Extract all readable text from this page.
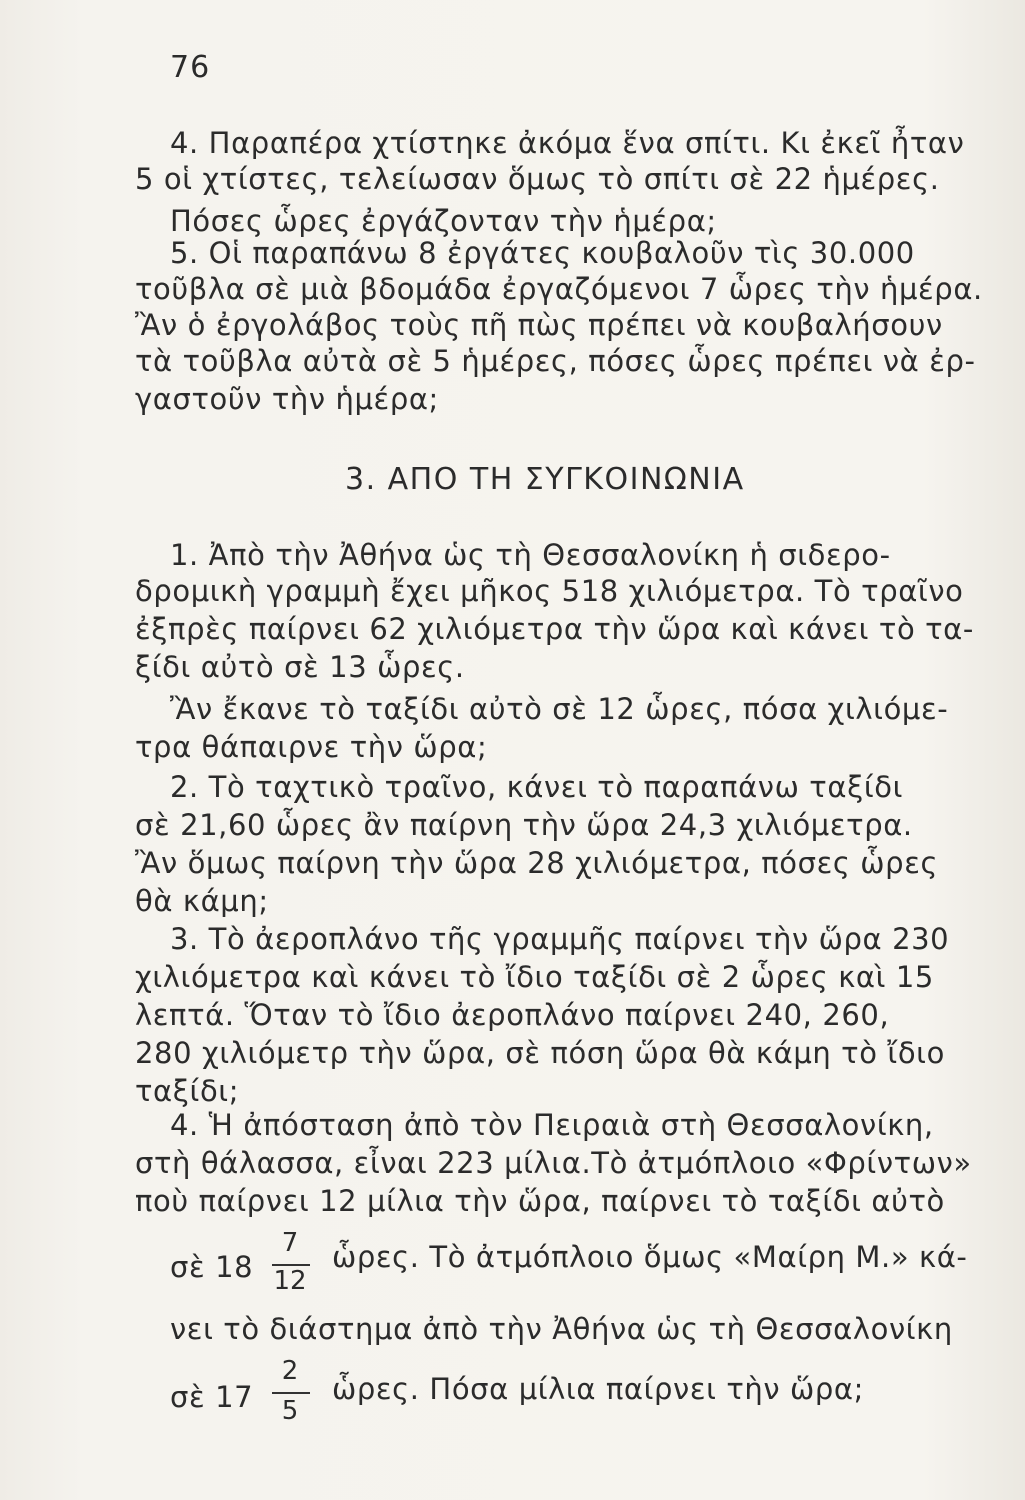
76
4. Παραπέρα χτίστηκε ἀκόμα ἕνα σπίτι. Κι ἐκεῖ ἦταν
5 οἱ χτίστες, τελείωσαν ὅμως τὸ σπίτι σὲ 22 ἡμέρες.
Πόσες ὧρες ἐργάζονταν τὴν ἡμέρα;
5. Οἱ παραπάνω 8 ἐργάτες κουβαλοῦν τὶς 30.000
τοῦβλα σὲ μιὰ βδομάδα ἐργαζόμενοι 7 ὧρες τὴν ἡμέρα.
Ἂν ὁ ἐργολάβος τοὺς πῆ πὼς πρέπει νὰ κουβαλήσουν
τὰ τοῦβλα αὐτὰ σὲ 5 ἡμέρες, πόσες ὧρες πρέπει νὰ ἐρ-
γαστοῦν τὴν ἡμέρα;
3. ΑΠΟ ΤΗ ΣΥΓΚΟΙΝΩΝΙΑ
1. Ἀπὸ τὴν Ἀθήνα ὡς τὴ Θεσσαλονίκη ἡ σιδερο-
δρομικὴ γραμμὴ ἔχει μῆκος 518 χιλιόμετρα. Τὸ τραῖνο
ἐξπρὲς παίρνει 62 χιλιόμετρα τὴν ὥρα καὶ κάνει τὸ τα-
ξίδι αὐτὸ σὲ 13 ὧρες.
Ἂν ἔκανε τὸ ταξίδι αὐτὸ σὲ 12 ὧρες, πόσα χιλιόμε-
τρα θάπαιρνε τὴν ὥρα;
2. Τὸ ταχτικὸ τραῖνο, κάνει τὸ παραπάνω ταξίδι
σὲ 21,60 ὧρες ἂν παίρνη τὴν ὥρα 24,3 χιλιόμετρα.
Ἂν ὅμως παίρνη τὴν ὥρα 28 χιλιόμετρα, πόσες ὧρες
θὰ κάμη;
3. Τὸ ἀεροπλάνο τῆς γραμμῆς παίρνει τὴν ὥρα 230
χιλιόμετρα καὶ κάνει τὸ ἴδιο ταξίδι σὲ 2 ὧρες καὶ 15
λεπτά. Ὅταν τὸ ἴδιο ἀεροπλάνο παίρνει 240, 260,
280 χιλιόμετρ τὴν ὥρα, σὲ πόση ὥρα θὰ κάμη τὸ ἴδιο
ταξίδι;
4. Ἡ ἀπόσταση ἀπὸ τὸν Πειραιὰ στὴ Θεσσαλονίκη,
στὴ θάλασσα, εἶναι 223 μίλια.Τὸ ἀτμόπλοιο «Φρίντων»
ποὺ παίρνει 12 μίλια τὴν ὥρα, παίρνει τὸ ταξίδι αὐτὸ
σὲ 18
7
12
ὧρες. Τὸ ἀτμόπλοιο ὅμως «Μαίρη Μ.» κά-
νει τὸ διάστημα ἀπὸ τὴν Ἀθήνα ὡς τὴ Θεσσαλονίκη
σὲ 17
2
5
ὧρες. Πόσα μίλια παίρνει τὴν ὥρα;
